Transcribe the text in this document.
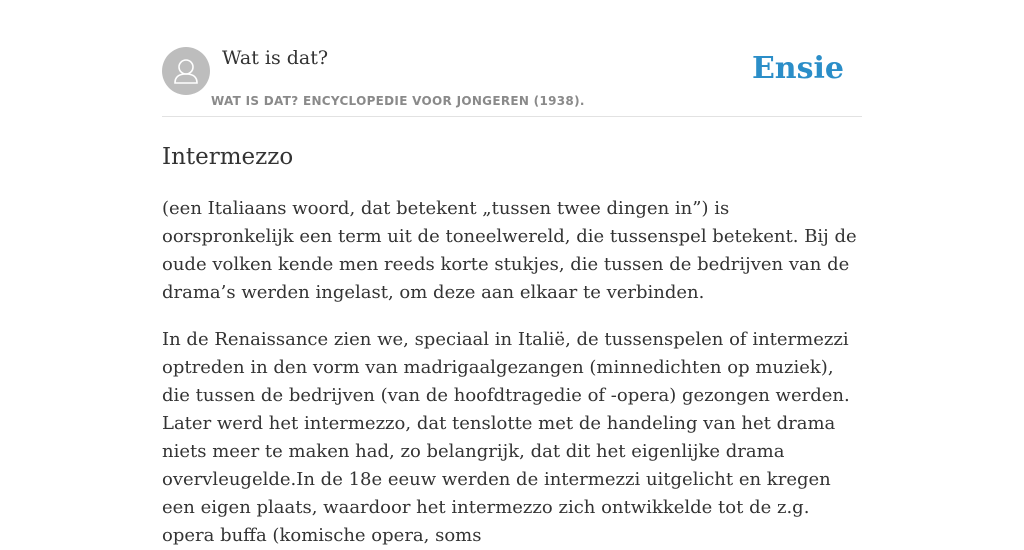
Wat is dat?
WAT IS DAT? ENCYCLOPEDIE VOOR JONGEREN (1938).
Ensie
Intermezzo

(een Italiaans woord, dat betekent „tussen twee dingen in”) is oorspronkelijk een term uit de toneelwereld, die tussenspel betekent. Bij de oude volken kende men reeds korte stukjes, die tussen de bedrijven van de drama’s werden ingelast, om deze aan elkaar te verbinden.

In de Renaissance zien we, speciaal in Italië, de tussenspelen of intermezzi optreden in den vorm van madrigaalgezangen (minnedichten op muziek), die tussen de bedrijven (van de hoofdtragedie of -opera) gezongen werden. Later werd het intermezzo, dat tenslotte met de handeling van het drama niets meer te maken had, zo belangrijk, dat dit het eigenlijke drama overvleugelde.In de 18e eeuw werden de intermezzi uitgelicht en kregen een eigen plaats, waardoor het intermezzo zich ontwikkelde tot de z.g. opera buffa (komische opera, soms
